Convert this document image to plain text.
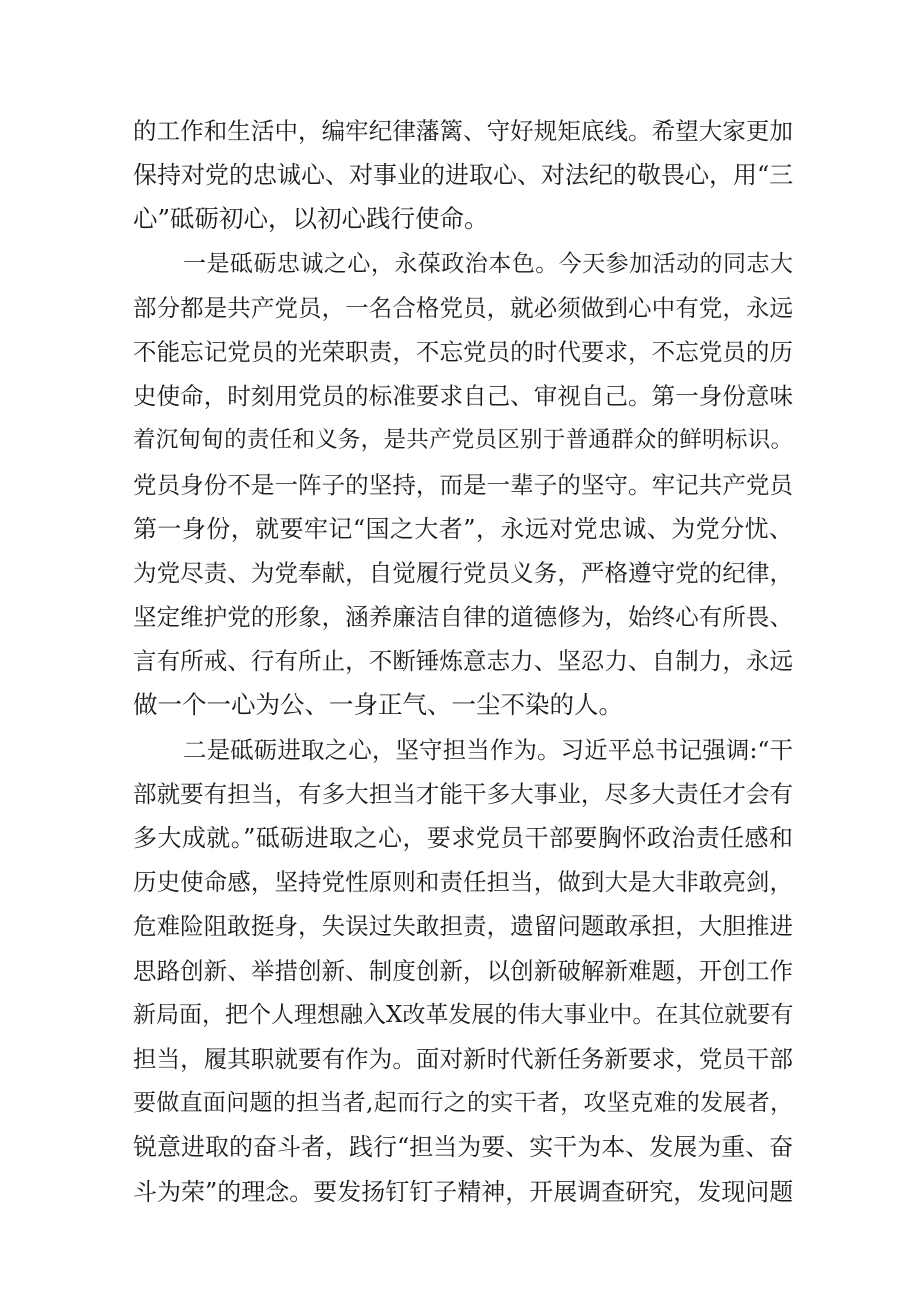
的工作和生活中，编牢纪律藩篱、守好规矩底线。希望大家更加
保持对党的忠诚心、对事业的进取心、对法纪的敬畏心，用“三
心”砥砺初心，以初心践行使命。
一是砥砺忠诚之心，永葆政治本色。今天参加活动的同志大
部分都是共产党员，一名合格党员，就必须做到心中有党，永远
不能忘记党员的光荣职责，不忘党员的时代要求，不忘党员的历
史使命，时刻用党员的标准要求自己、审视自己。第一身份意味
着沉甸甸的责任和义务，是共产党员区别于普通群众的鲜明标识。
党员身份不是一阵子的坚持，而是一辈子的坚守。牢记共产党员
第一身份，就要牢记“国之大者”，永远对党忠诚、为党分忧、
为党尽责、为党奉献，自觉履行党员义务，严格遵守党的纪律，
坚定维护党的形象，涵养廉洁自律的道德修为，始终心有所畏、
言有所戒、行有所止，不断锤炼意志力、坚忍力、自制力，永远
做一个一心为公、一身正气、一尘不染的人。
二是砥砺进取之心，坚守担当作为。习近平总书记强调:“干
部就要有担当，有多大担当才能干多大事业，尽多大责任才会有
多大成就。”砥砺进取之心，要求党员干部要胸怀政治责任感和
历史使命感，坚持党性原则和责任担当，做到大是大非敢亮剑，
危难险阻敢挺身，失误过失敢担责，遗留问题敢承担，大胆推进
思路创新、举措创新、制度创新，以创新破解新难题，开创工作
新局面，把个人理想融入X改革发展的伟大事业中。在其位就要有
担当，履其职就要有作为。面对新时代新任务新要求，党员干部
要做直面问题的担当者,起而行之的实干者，攻坚克难的发展者，
锐意进取的奋斗者，践行“担当为要、实干为本、发展为重、奋
斗为荣”的理念。要发扬钉钉子精神，开展调查研究，发现问题
